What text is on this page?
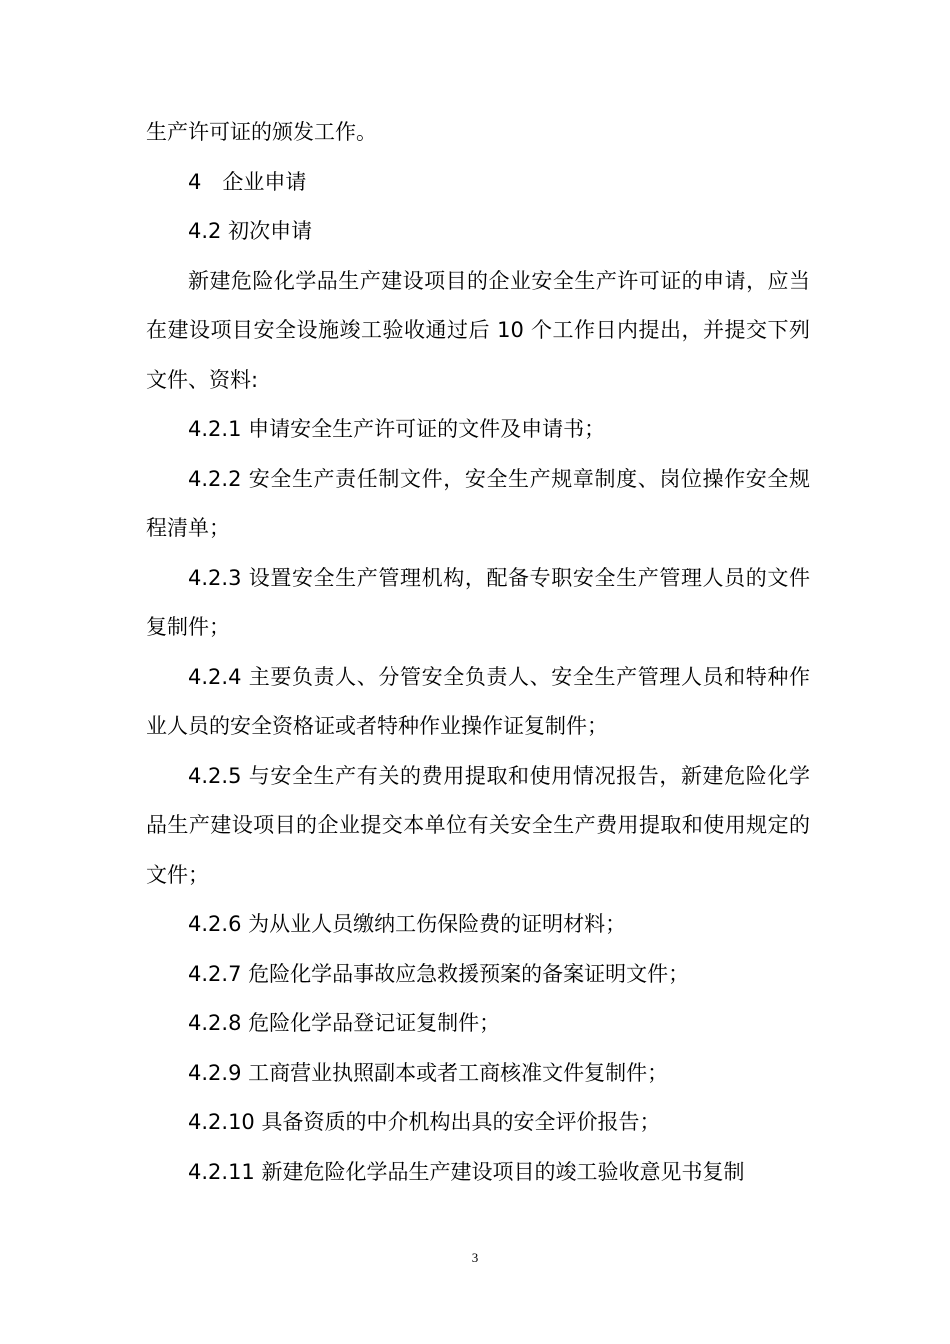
生产许可证的颁发工作。

4　企业申请

4.2 初次申请

新建危险化学品生产建设项目的企业安全生产许可证的申请，应当在建设项目安全设施竣工验收通过后 10 个工作日内提出，并提交下列文件、资料:

4.2.1 申请安全生产许可证的文件及申请书；

4.2.2 安全生产责任制文件，安全生产规章制度、岗位操作安全规程清单；

4.2.3 设置安全生产管理机构，配备专职安全生产管理人员的文件复制件；

4.2.4 主要负责人、分管安全负责人、安全生产管理人员和特种作业人员的安全资格证或者特种作业操作证复制件；

4.2.5 与安全生产有关的费用提取和使用情况报告，新建危险化学品生产建设项目的企业提交本单位有关安全生产费用提取和使用规定的文件；

4.2.6 为从业人员缴纳工伤保险费的证明材料；

4.2.7 危险化学品事故应急救援预案的备案证明文件；

4.2.8 危险化学品登记证复制件；

4.2.9 工商营业执照副本或者工商核准文件复制件；

4.2.10 具备资质的中介机构出具的安全评价报告；

4.2.11 新建危险化学品生产建设项目的竣工验收意见书复制

3
